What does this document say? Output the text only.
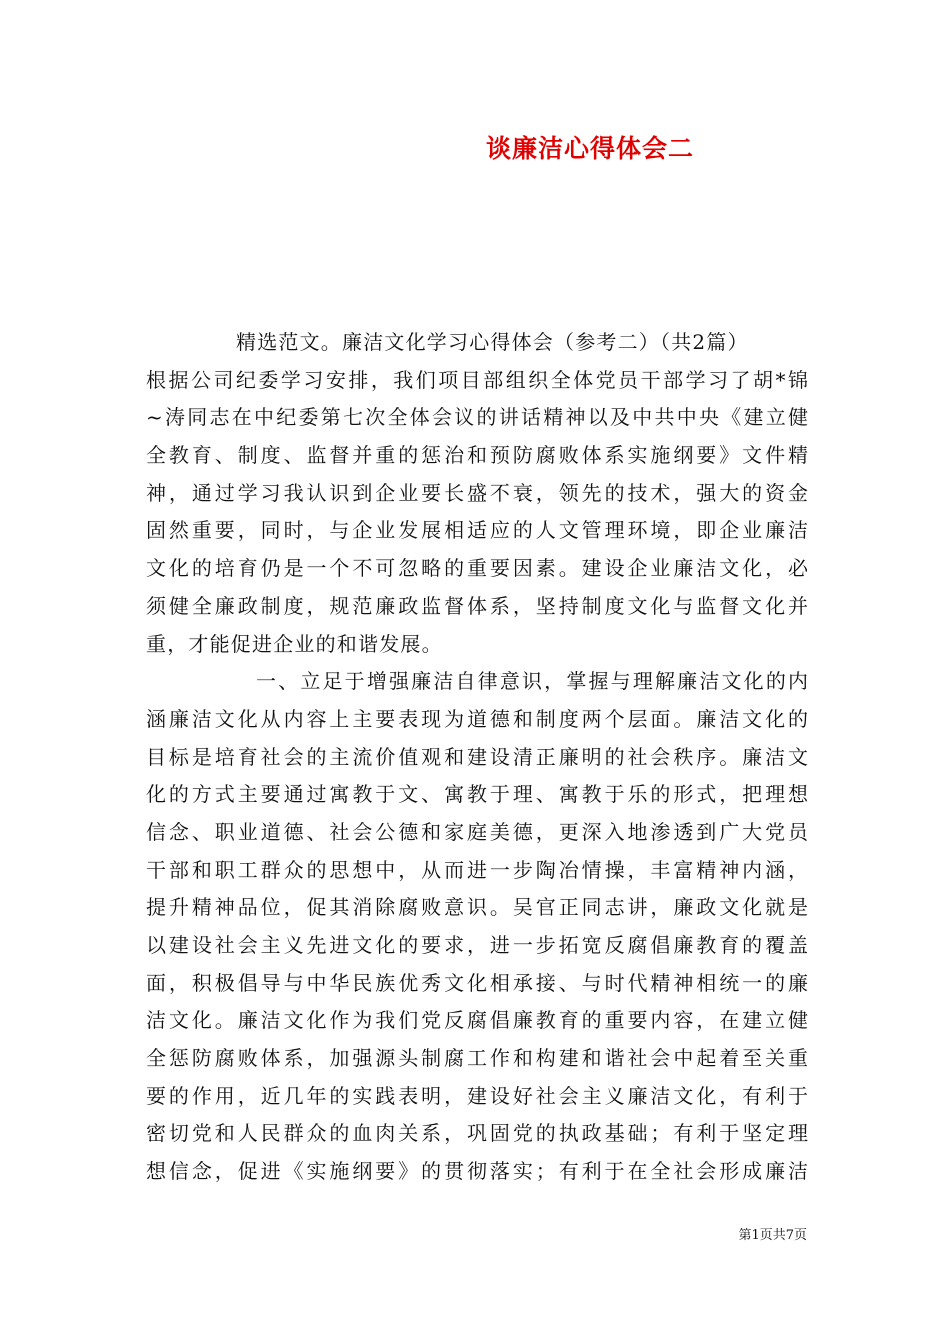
谈廉洁心得体会二
精选范文。廉洁文化学习心得体会（参考二）（共2篇）
根据公司纪委学习安排，我们项目部组织全体党员干部学习了胡*锦
~涛同志在中纪委第七次全体会议的讲话精神以及中共中央《建立健
全教育、制度、监督并重的惩治和预防腐败体系实施纲要》文件精
神，通过学习我认识到企业要长盛不衰，领先的技术，强大的资金
固然重要，同时，与企业发展相适应的人文管理环境，即企业廉洁
文化的培育仍是一个不可忽略的重要因素。建设企业廉洁文化，必
须健全廉政制度，规范廉政监督体系，坚持制度文化与监督文化并
重，才能促进企业的和谐发展。
一、立足于增强廉洁自律意识，掌握与理解廉洁文化的内
涵廉洁文化从内容上主要表现为道德和制度两个层面。廉洁文化的
目标是培育社会的主流价值观和建设清正廉明的社会秩序。廉洁文
化的方式主要通过寓教于文、寓教于理、寓教于乐的形式，把理想
信念、职业道德、社会公德和家庭美德，更深入地渗透到广大党员
干部和职工群众的思想中，从而进一步陶冶情操，丰富精神内涵，
提升精神品位，促其消除腐败意识。吴官正同志讲，廉政文化就是
以建设社会主义先进文化的要求，进一步拓宽反腐倡廉教育的覆盖
面，积极倡导与中华民族优秀文化相承接、与时代精神相统一的廉
洁文化。廉洁文化作为我们党反腐倡廉教育的重要内容，在建立健
全惩防腐败体系，加强源头制腐工作和构建和谐社会中起着至关重
要的作用，近几年的实践表明，建设好社会主义廉洁文化，有利于
密切党和人民群众的血肉关系，巩固党的执政基础；有利于坚定理
想信念，促进《实施纲要》的贯彻落实；有利于在全社会形成廉洁
第1页共7页
